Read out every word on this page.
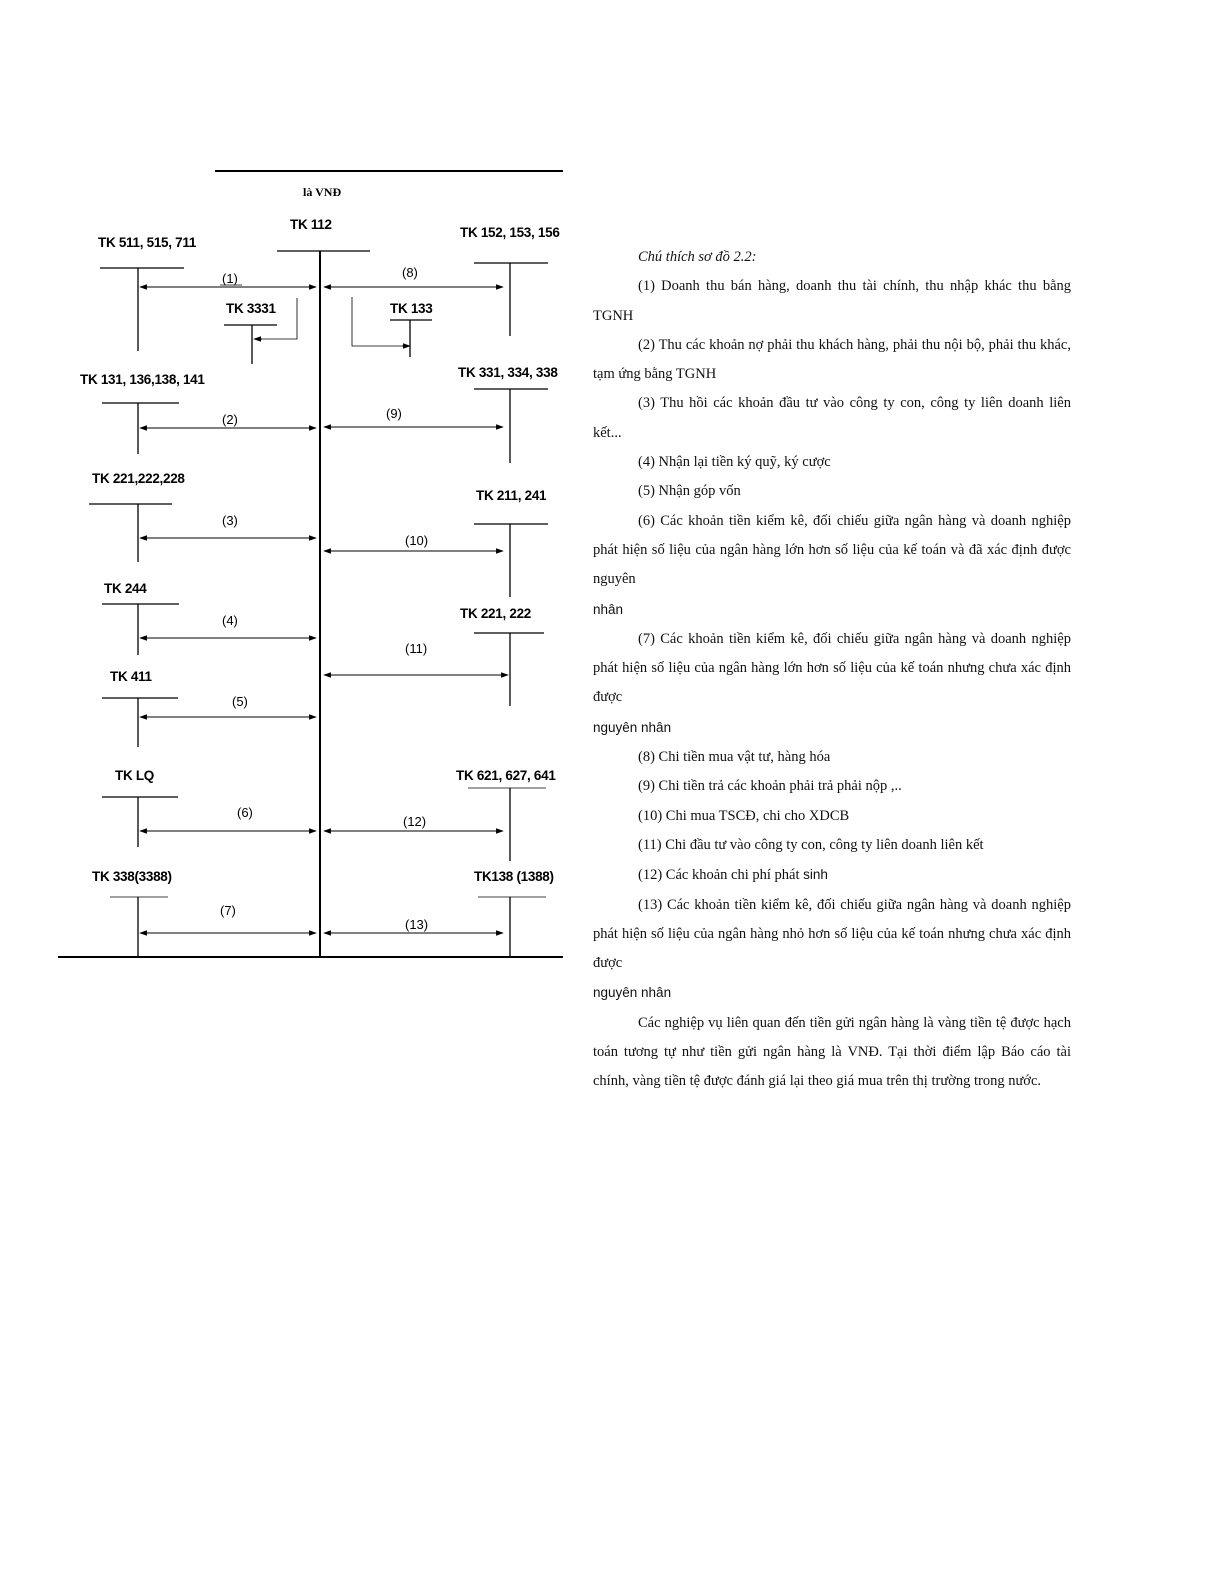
là VNĐ
TK 112
TK 511, 515, 711
TK 3331
TK 131, 136,138, 141
TK 221,222,228
TK 244
TK 411
TK LQ
TK 338(3388)
TK 152, 153, 156
TK 133
TK 331, 334, 338
TK 211, 241
TK 221, 222
TK 621, 627, 641
TK138 (1388)
(1)
(2)
(3)
(4)
(5)
(6)
(7)
(8)
(9)
(10)
(11)
(12)
(13)

Chú thích sơ đồ 2.2:

(1) Doanh thu bán hàng, doanh thu tài chính, thu nhập khác thu bằng TGNH

(2) Thu các khoản nợ phải thu khách hàng, phải thu nội bộ, phải thu khác, tạm ứng bằng TGNH

(3) Thu hồi các khoản đầu tư vào công ty con, công ty liên doanh liên kết...

(4) Nhận lại tiền ký quỹ, ký cược

(5) Nhận góp vốn

(6) Các khoản tiền kiểm kê, đối chiếu giữa ngân hàng và doanh nghiệp phát hiện số liệu của ngân hàng lớn hơn số liệu của kế toán và đã xác định được nguyên
nhân

(7) Các khoản tiền kiểm kê, đối chiếu giữa ngân hàng và doanh nghiệp phát hiện số liệu của ngân hàng lớn hơn số liệu của kế toán nhưng chưa xác định được
nguyên nhân

(8) Chi tiền mua vật tư, hàng hóa

(9) Chi tiền trả các khoản phải trả phải nộp ,..

(10) Chi mua TSCĐ, chi cho XDCB

(11) Chi đầu tư vào công ty con, công ty liên doanh liên kết

(12) Các khoản chi phí phát sinh

(13) Các khoản tiền kiểm kê, đối chiếu giữa ngân hàng và doanh nghiệp phát hiện số liệu của ngân hàng nhỏ hơn số liệu của kế toán nhưng chưa xác định được
nguyên nhân

Các nghiệp vụ liên quan đến tiền gửi ngân hàng là vàng tiền tệ được hạch toán tương tự như tiền gửi ngân hàng là VNĐ. Tại thời điểm lập Báo cáo tài chính, vàng tiền tệ được đánh giá lại theo giá mua trên thị trường trong nước.
